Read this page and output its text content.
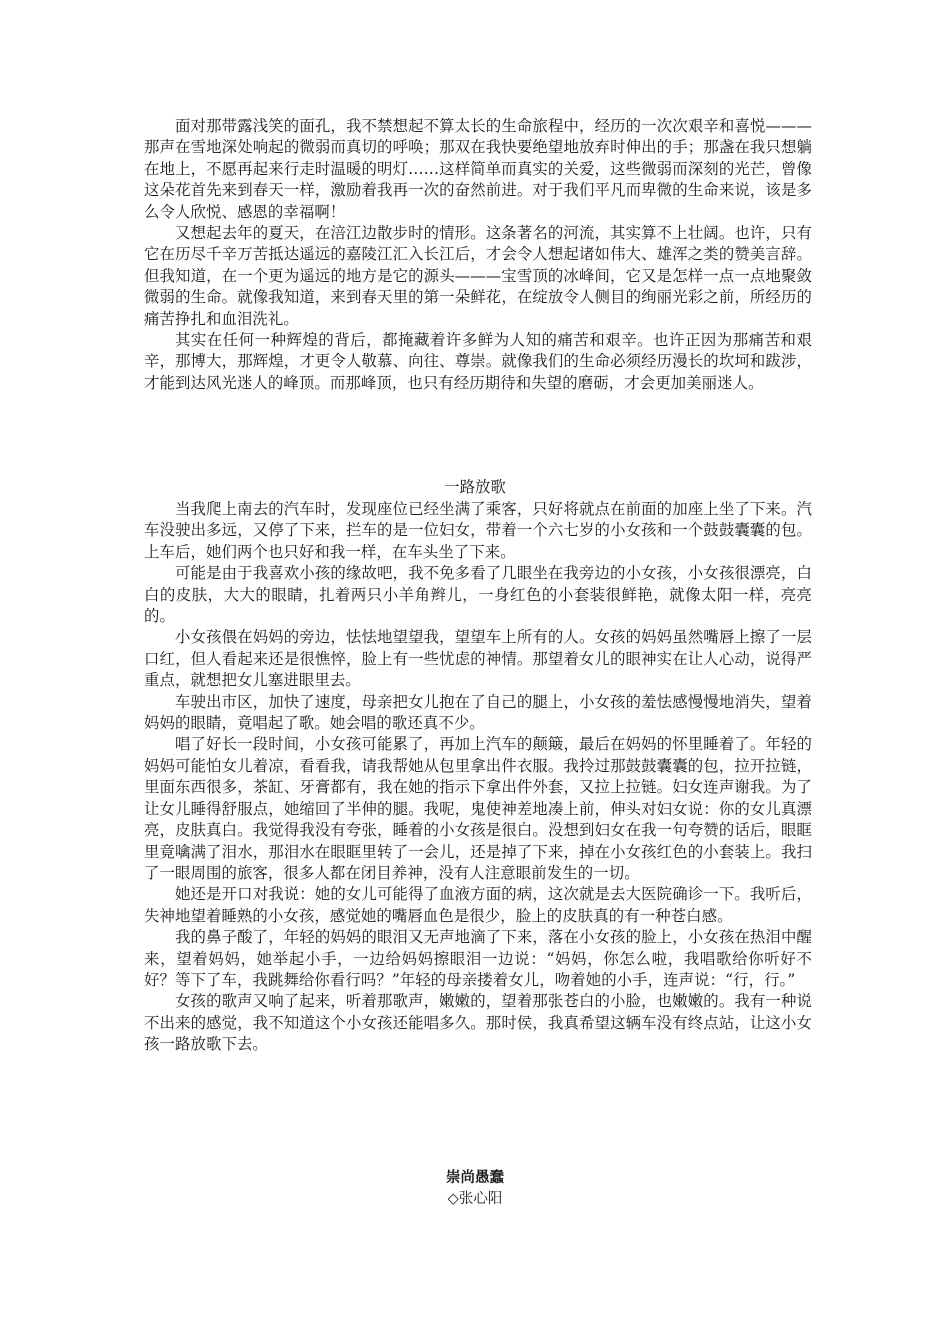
面对那带露浅笑的面孔，我不禁想起不算太长的生命旅程中，经历的一次次艰辛和喜悦———那声在雪地深处响起的微弱而真切的呼唤；那双在我快要绝望地放弃时伸出的手；那盏在我只想躺在地上，不愿再起来行走时温暖的明灯……这样简单而真实的关爱，这些微弱而深刻的光芒，曾像这朵花首先来到春天一样，激励着我再一次的奋然前进。对于我们平凡而卑微的生命来说，该是多么令人欣悦、感恩的幸福啊！

又想起去年的夏天，在涪江边散步时的情形。这条著名的河流，其实算不上壮阔。也许，只有它在历尽千辛万苦抵达遥远的嘉陵江汇入长江后，才会令人想起诸如伟大、雄浑之类的赞美言辞。但我知道，在一个更为遥远的地方是它的源头———宝雪顶的冰峰间，它又是怎样一点一点地聚敛微弱的生命。就像我知道，来到春天里的第一朵鲜花，在绽放令人侧目的绚丽光彩之前，所经历的痛苦挣扎和血泪洗礼。

其实在任何一种辉煌的背后，都掩藏着许多鲜为人知的痛苦和艰辛。也许正因为那痛苦和艰辛，那博大，那辉煌，才更令人敬慕、向往、尊崇。就像我们的生命必须经历漫长的坎坷和跋涉，才能到达风光迷人的峰顶。而那峰顶，也只有经历期待和失望的磨砺，才会更加美丽迷人。

一路放歌

当我爬上南去的汽车时，发现座位已经坐满了乘客，只好将就点在前面的加座上坐了下来。汽车没驶出多远，又停了下来，拦车的是一位妇女，带着一个六七岁的小女孩和一个鼓鼓囊囊的包。上车后，她们两个也只好和我一样，在车头坐了下来。

可能是由于我喜欢小孩的缘故吧，我不免多看了几眼坐在我旁边的小女孩，小女孩很漂亮，白白的皮肤，大大的眼睛，扎着两只小羊角辫儿，一身红色的小套装很鲜艳，就像太阳一样，亮亮的。

小女孩偎在妈妈的旁边，怯怯地望望我，望望车上所有的人。女孩的妈妈虽然嘴唇上擦了一层口红，但人看起来还是很憔悴，脸上有一些忧虑的神情。那望着女儿的眼神实在让人心动，说得严重点，就想把女儿塞进眼里去。

车驶出市区，加快了速度，母亲把女儿抱在了自己的腿上，小女孩的羞怯感慢慢地消失，望着妈妈的眼睛，竟唱起了歌。她会唱的歌还真不少。

唱了好长一段时间，小女孩可能累了，再加上汽车的颠簸，最后在妈妈的怀里睡着了。年轻的妈妈可能怕女儿着凉，看看我，请我帮她从包里拿出件衣服。我拎过那鼓鼓囊囊的包，拉开拉链，里面东西很多，茶缸、牙膏都有，我在她的指示下拿出件外套，又拉上拉链。妇女连声谢我。为了让女儿睡得舒服点，她缩回了半伸的腿。我呢，鬼使神差地凑上前，伸头对妇女说：你的女儿真漂亮，皮肤真白。我觉得我没有夸张，睡着的小女孩是很白。没想到妇女在我一句夸赞的话后，眼眶里竟噙满了泪水，那泪水在眼眶里转了一会儿，还是掉了下来，掉在小女孩红色的小套装上。我扫了一眼周围的旅客，很多人都在闭目养神，没有人注意眼前发生的一切。

她还是开口对我说：她的女儿可能得了血液方面的病，这次就是去大医院确诊一下。我听后，失神地望着睡熟的小女孩，感觉她的嘴唇血色是很少，脸上的皮肤真的有一种苍白感。

我的鼻子酸了，年轻的妈妈的眼泪又无声地滴了下来，落在小女孩的脸上，小女孩在热泪中醒来，望着妈妈，她举起小手，一边给妈妈擦眼泪一边说：“妈妈，你怎么啦，我唱歌给你听好不好？等下了车，我跳舞给你看行吗？”年轻的母亲搂着女儿，吻着她的小手，连声说：“行，行。”

女孩的歌声又响了起来，听着那歌声，嫩嫩的，望着那张苍白的小脸，也嫩嫩的。我有一种说不出来的感觉，我不知道这个小女孩还能唱多久。那时侯，我真希望这辆车没有终点站，让这小女孩一路放歌下去。

崇尚愚蠢
◇张心阳
